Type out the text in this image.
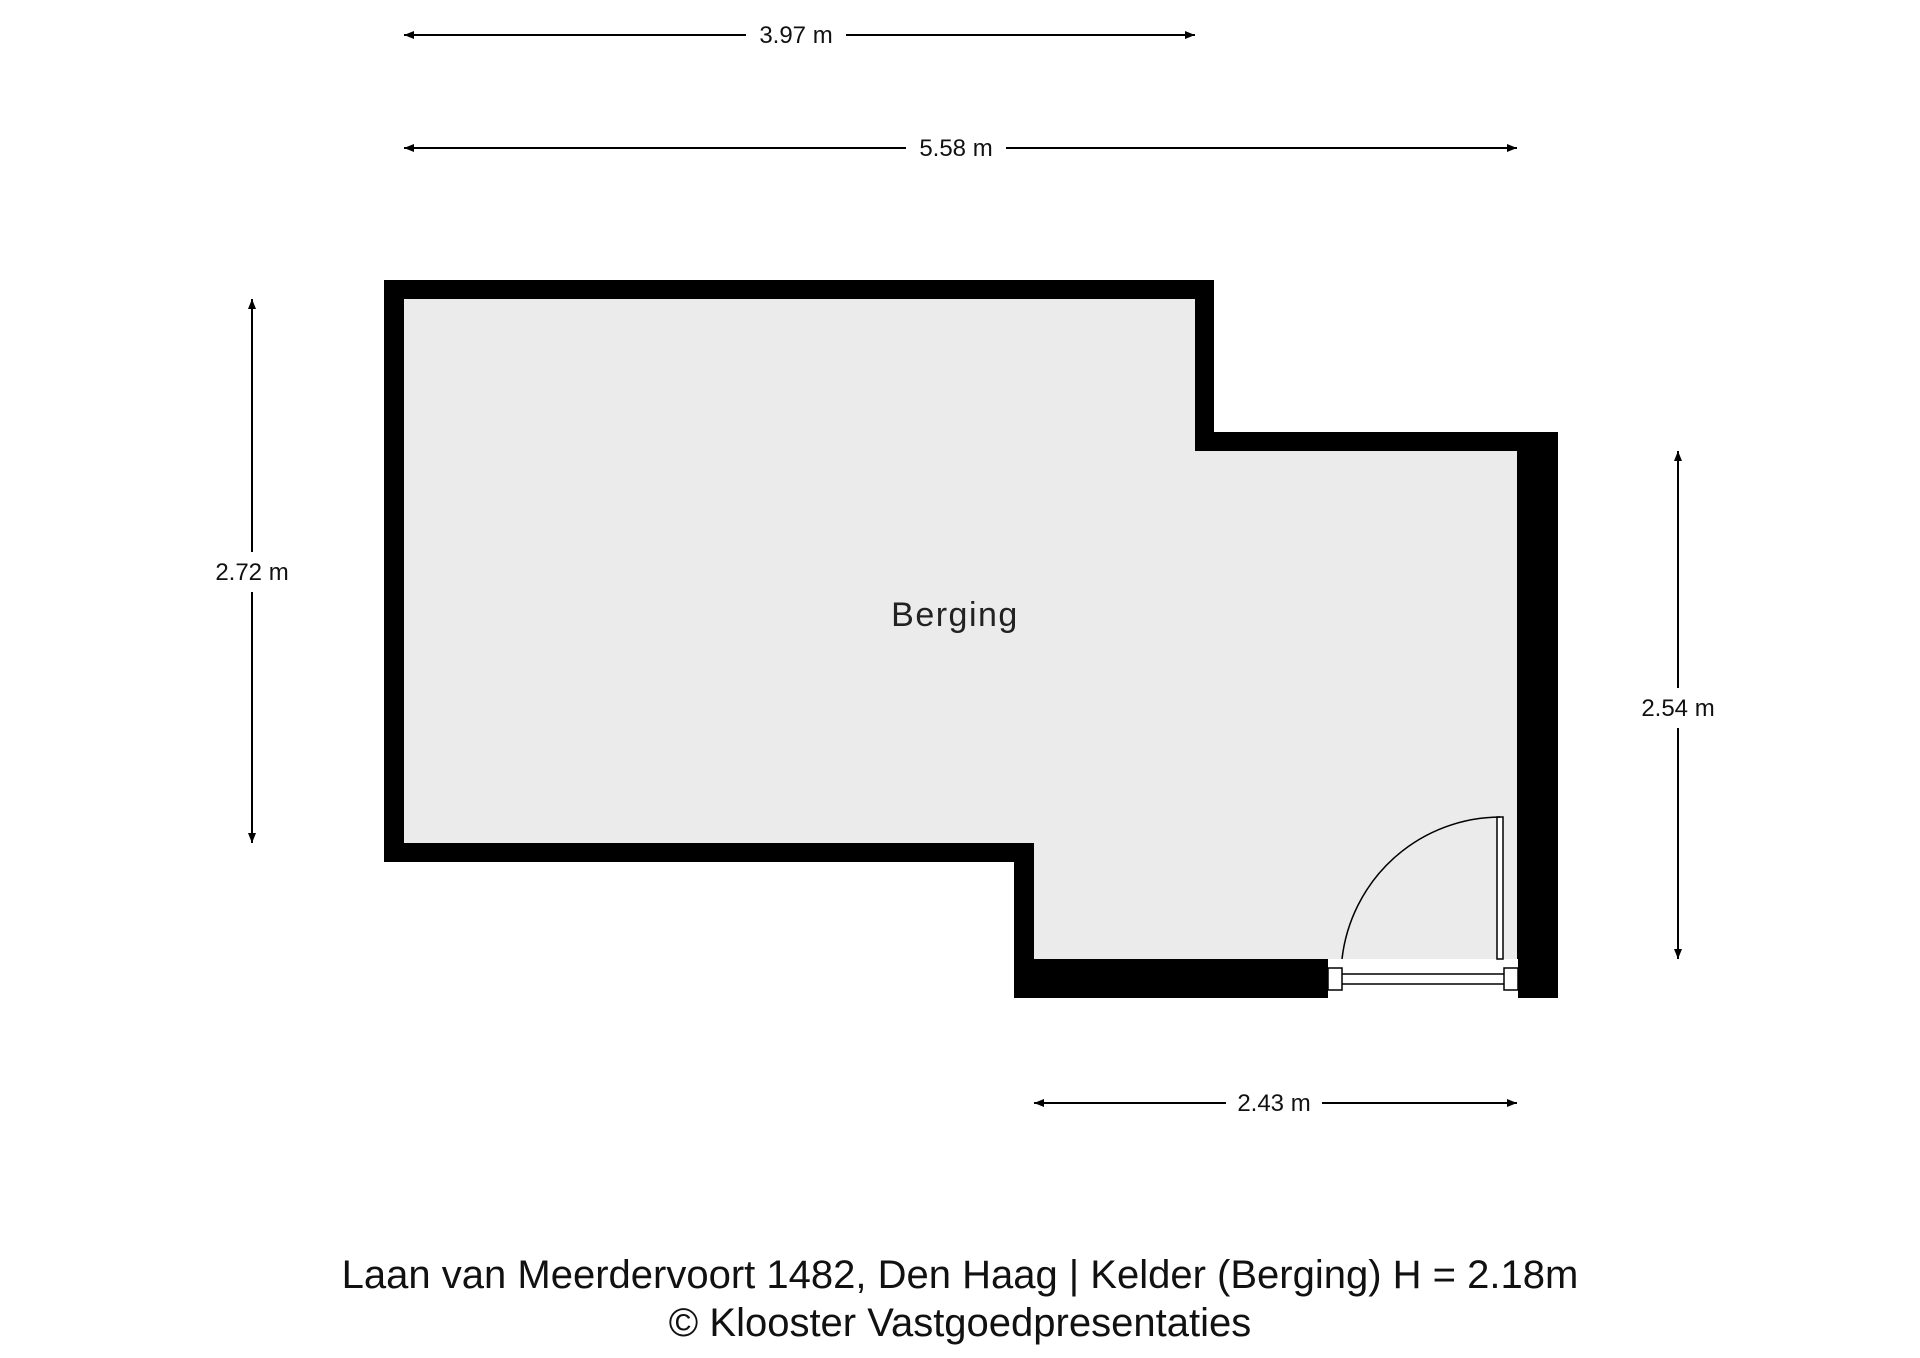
Berging
3.97 m
5.58 m
2.72 m
2.54 m
2.43 m
Laan van Meerdervoort 1482, Den Haag | Kelder (Berging) H = 2.18m
© Klooster Vastgoedpresentaties
